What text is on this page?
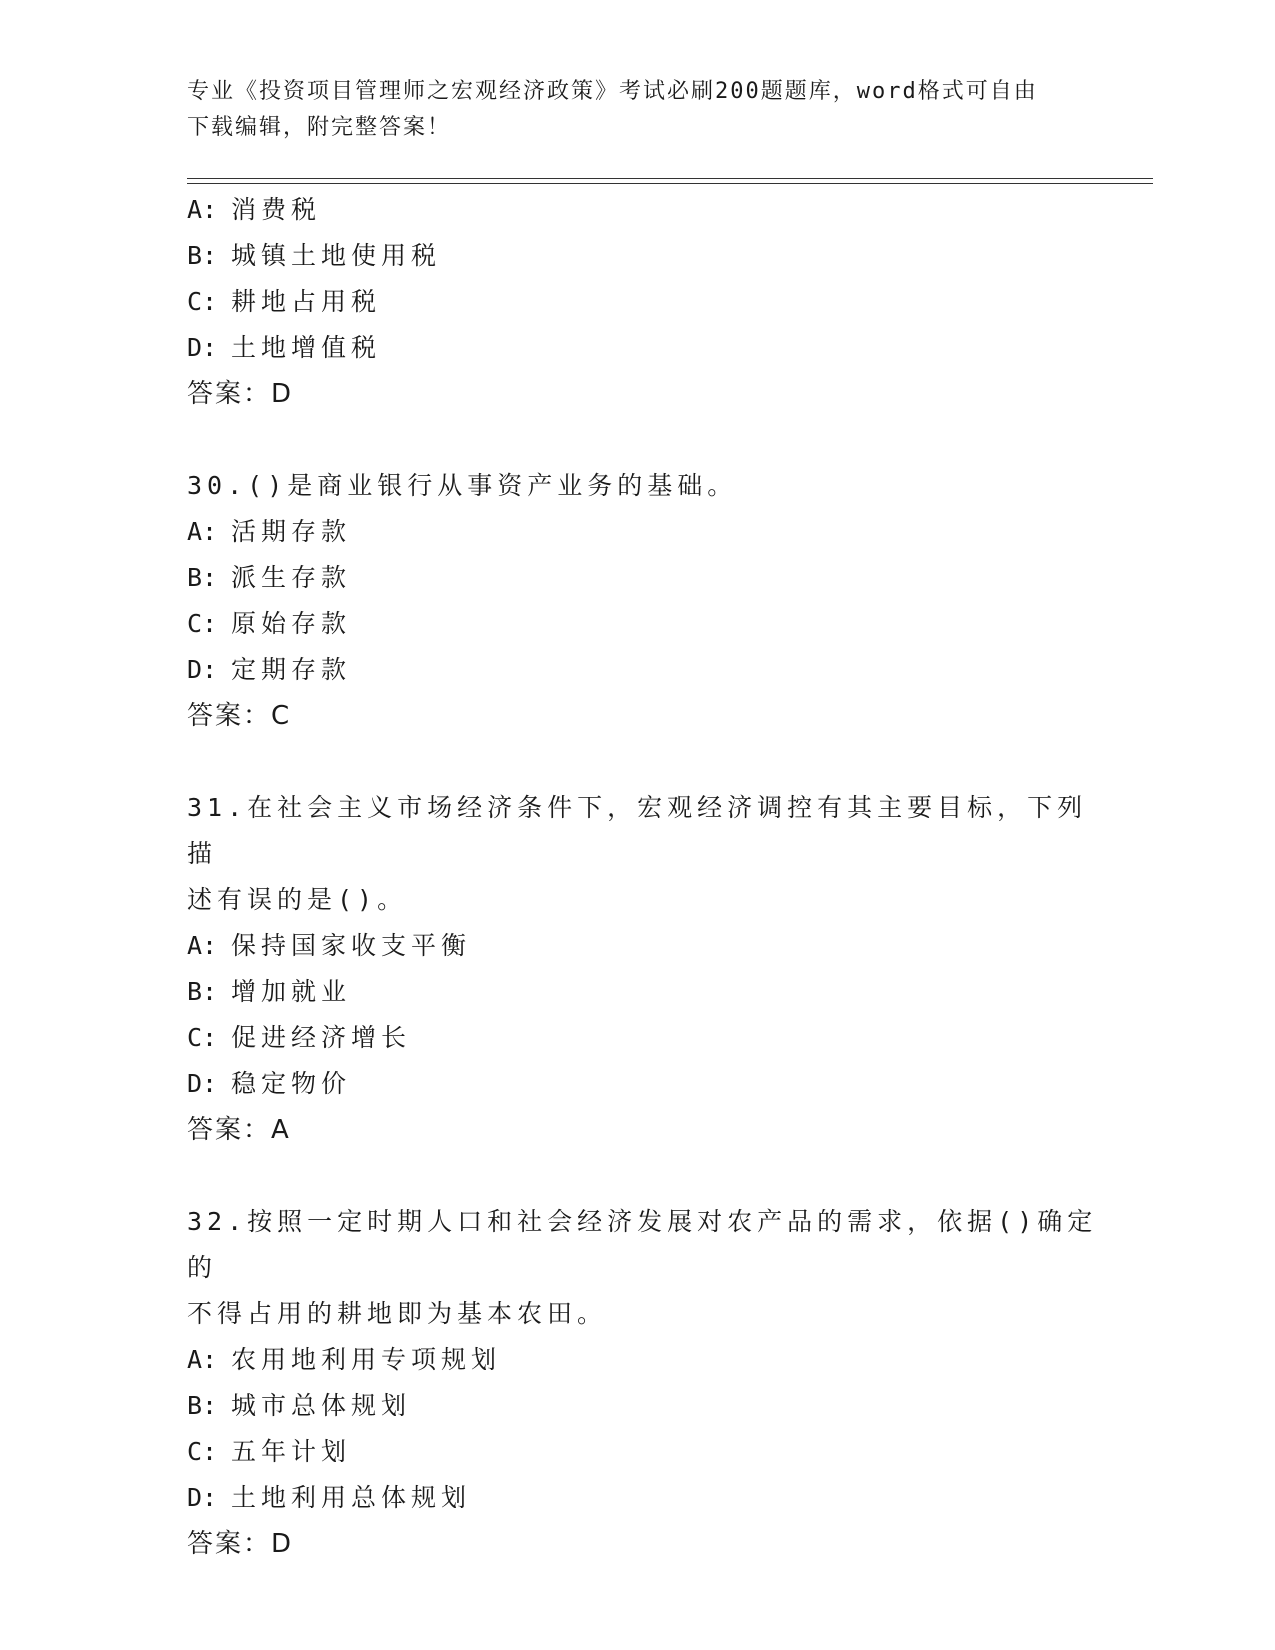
专业《投资项目管理师之宏观经济政策》考试必刷200题题库，word格式可自由
下载编辑，附完整答案！
A: 消费税
B: 城镇土地使用税
C: 耕地占用税
D: 土地增值税
答案：D
30.()是商业银行从事资产业务的基础。
A: 活期存款
B: 派生存款
C: 原始存款
D: 定期存款
答案：C
31.在社会主义市场经济条件下，宏观经济调控有其主要目标，下列描
述有误的是()。
A: 保持国家收支平衡
B: 增加就业
C: 促进经济增长
D: 稳定物价
答案：A
32.按照一定时期人口和社会经济发展对农产品的需求，依据()确定的
不得占用的耕地即为基本农田。
A: 农用地利用专项规划
B: 城市总体规划
C: 五年计划
D: 土地利用总体规划
答案：D
